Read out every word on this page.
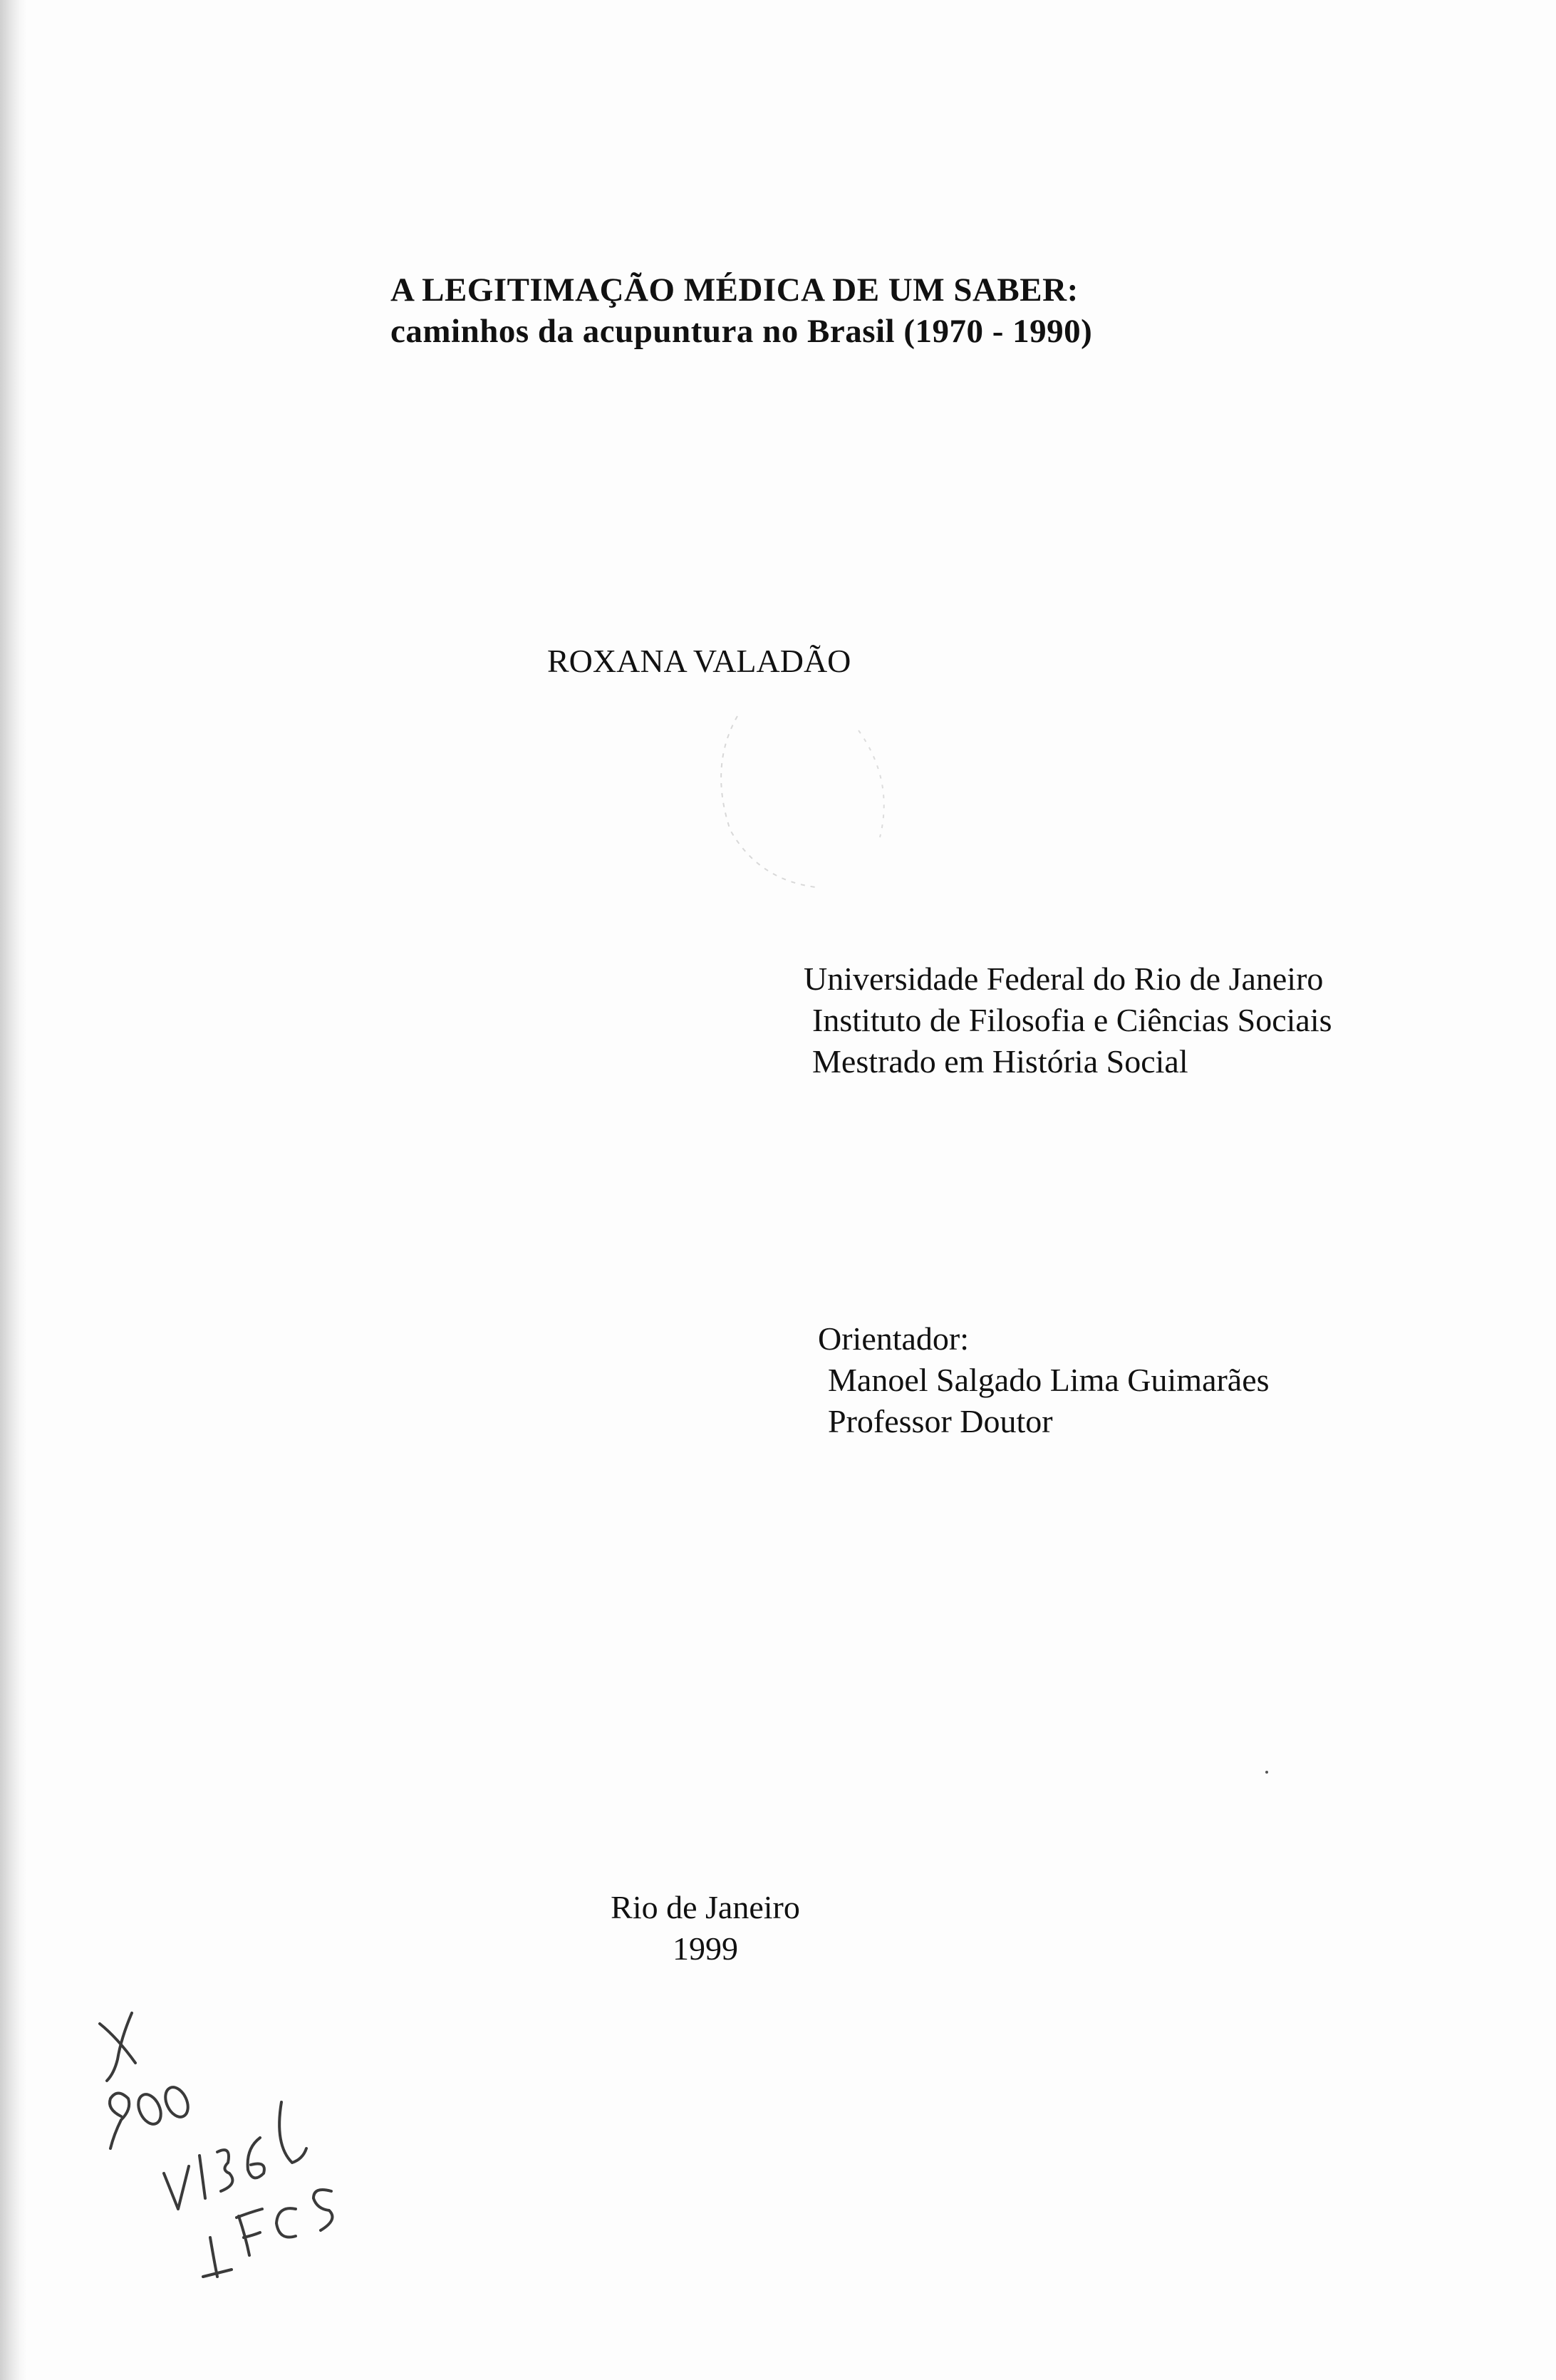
A LEGITIMAÇÃO MÉDICA DE UM SABER:
caminhos da acupuntura no Brasil (1970 - 1990)
ROXANA VALADÃO
Universidade Federal do Rio de Janeiro
Instituto de Filosofia e Ciências Sociais
Mestrado em História Social
Orientador:
Manoel Salgado Lima Guimarães
Professor Doutor
Rio de Janeiro
1999
